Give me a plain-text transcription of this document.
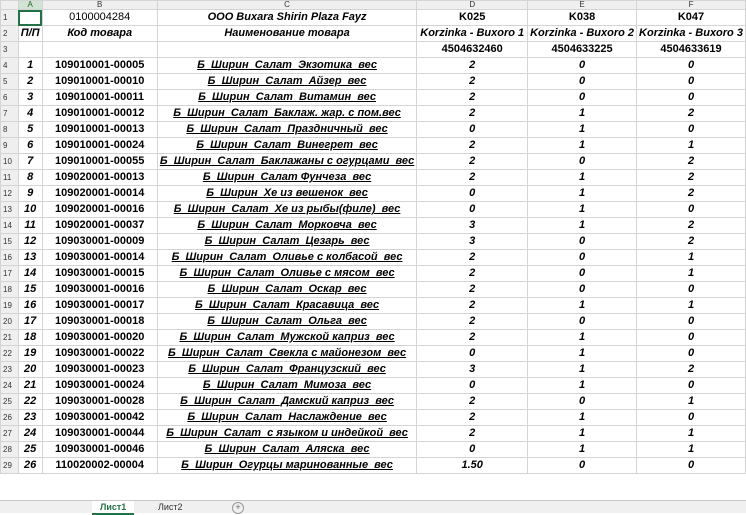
	A	B	C	D	E	F
1		0100004284	ООО Buxara Shirin Plaza Fayz	K025	K038	K047
2	П/П	Код товара	Наименование товара	Korzinka - Buxoro 1	Korzinka - Buxoro 2	Korzinka - Buxoro 3
3				4504632460	4504633225	4504633619
4	1	109010001-00005	Б_Ширин_Салат_Экзотика_вес	2	0	0
5	2	109010001-00010	Б_Ширин_Салат_Айзер_вес	2	0	0
6	3	109010001-00011	Б_Ширин_Салат_Витамин_вес	2	0	0
7	4	109010001-00012	Б_Ширин_Салат_Баклаж. жар. с пом.вес	2	1	2
8	5	109010001-00013	Б_Ширин_Салат_Праздничный_вес	0	1	0
9	6	109010001-00024	Б_Ширин_Салат_Винегрет_вес	2	1	1
10	7	109010001-00055	Б_Ширин_Салат_Баклажаны с огурцами_вес	2	0	2
11	8	109020001-00013	Б_Ширин_Салат Фунчеза_вес	2	1	2
12	9	109020001-00014	Б_Ширин_Хе из вешенок_вес	0	1	2
13	10	109020001-00016	Б_Ширин_Салат_Хе из рыбы(филе)_вес	0	1	0
14	11	109020001-00037	Б_Ширин_Салат_Морковча_вес	3	1	2
15	12	109030001-00009	Б_Ширин_Салат_Цезарь_вес	3	0	2
16	13	109030001-00014	Б_Ширин_Салат_Оливье с колбасой_вес	2	0	1
17	14	109030001-00015	Б_Ширин_Салат_Оливье с мясом_вес	2	0	1
18	15	109030001-00016	Б_Ширин_Салат_Оскар_вес	2	0	0
19	16	109030001-00017	Б_Ширин_Салат_Красавица_вес	2	1	1
20	17	109030001-00018	Б_Ширин_Салат_Ольга_вес	2	0	0
21	18	109030001-00020	Б_Ширин_Салат_Мужской каприз_вес	2	1	0
22	19	109030001-00022	Б_Ширин_Салат_Свекла с майонезом_вес	0	1	0
23	20	109030001-00023	Б_Ширин_Салат_Французский_вес	3	1	2
24	21	109030001-00024	Б_Ширин_Салат_Мимоза_вес	0	1	0
25	22	109030001-00028	Б_Ширин_Салат_Дамский каприз_вес	2	0	1
26	23	109030001-00042	Б_Ширин_Салат_Наслаждение_вес	2	1	0
27	24	109030001-00044	Б_Ширин_Салат_с языком и индейкой_вес	2	1	1
28	25	109030001-00046	Б_Ширин_Салат_Аляска_вес	0	1	1
29	26	110020002-00004	Б_Ширин_Огурцы маринованные_вес	1.50	0	0
Лист1	Лист2	+
